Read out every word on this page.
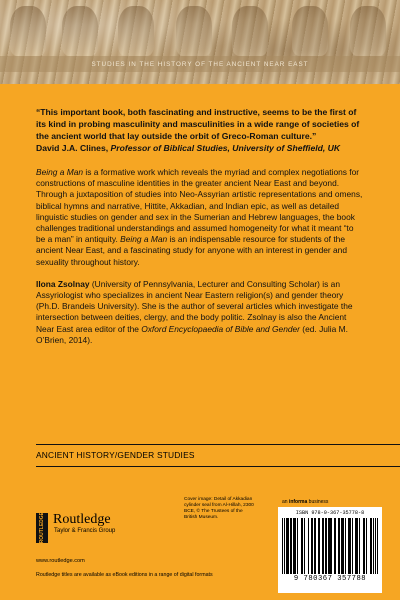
STUDIES IN THE HISTORY OF THE ANCIENT NEAR EAST

“This important book, both fascinating and instructive, seems to be the first of its kind in probing masculinity and masculinities in a wide range of societies of the ancient world that lay outside the orbit of Greco-Roman culture.”

David J.A. Clines, Professor of Biblical Studies, University of Sheffield, UK

Being a Man is a formative work which reveals the myriad and complex negotiations for constructions of masculine identities in the greater ancient Near East and beyond. Through a juxtaposition of studies into Neo-Assyrian artistic representations and omens, biblical hymns and narrative, Hittite, Akkadian, and Indian epic, as well as detailed linguistic studies on gender and sex in the Sumerian and Hebrew languages, the book challenges traditional understandings and assumed homogeneity for what it meant “to be a man” in antiquity. Being a Man is an indispensable resource for students of the ancient Near East, and a fascinating study for anyone with an interest in gender and sexuality throughout history.

Ilona Zsolnay (University of Pennsylvania, Lecturer and Consulting Scholar) is an Assyriologist who specializes in ancient Near Eastern religion(s) and gender theory (Ph.D. Brandeis University). She is the author of several articles which investigate the intersection between deities, clergy, and the body politic. Zsolnay is also the Ancient Near East area editor of the Oxford Encyclopaedia of Bible and Gender (ed. Julia M. O’Brien, 2014).

ANCIENT HISTORY/GENDER STUDIES
Cover image: Detail of Akkadian cylinder seal from Al-Hillah, 2300 BCE, © The Trustees of the British Museum.
an informa business
ISBN 978-0-367-35778-8
9 780367 357788
ROUTLEDGE Routledge
Taylor & Francis Group
www.routledge.com
Routledge titles are available as eBook editions in a range of digital formats
